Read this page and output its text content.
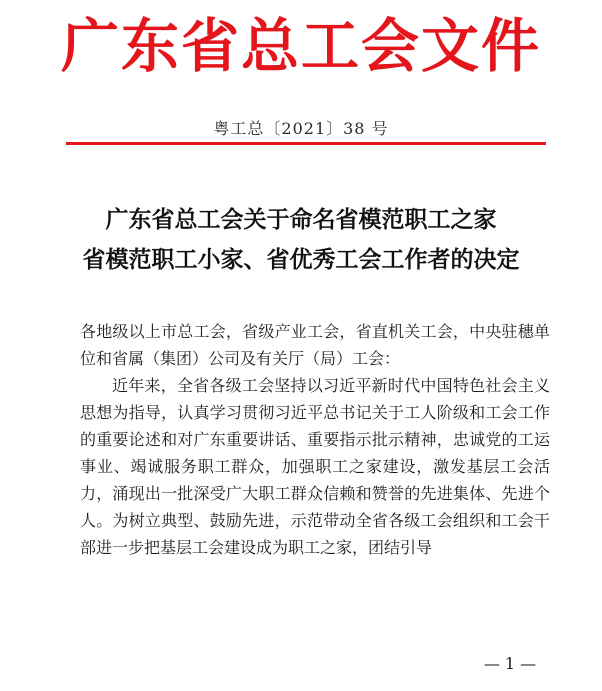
广东省总工会文件
粤工总〔2021〕38 号
广东省总工会关于命名省模范职工之家
省模范职工小家、省优秀工会工作者的决定

各地级以上市总工会，省级产业工会，省直机关工会，中央驻穗单位和省属（集团）公司及有关厅（局）工会：

近年来，全省各级工会坚持以习近平新时代中国特色社会主义思想为指导，认真学习贯彻习近平总书记关于工人阶级和工会工作的重要论述和对广东重要讲话、重要指示批示精神，忠诚党的工运事业、竭诚服务职工群众，加强职工之家建设，激发基层工会活力，涌现出一批深受广大职工群众信赖和赞誉的先进集体、先进个人。为树立典型、鼓励先进，示范带动全省各级工会组织和工会干部进一步把基层工会建设成为职工之家，团结引导

— 1 —
